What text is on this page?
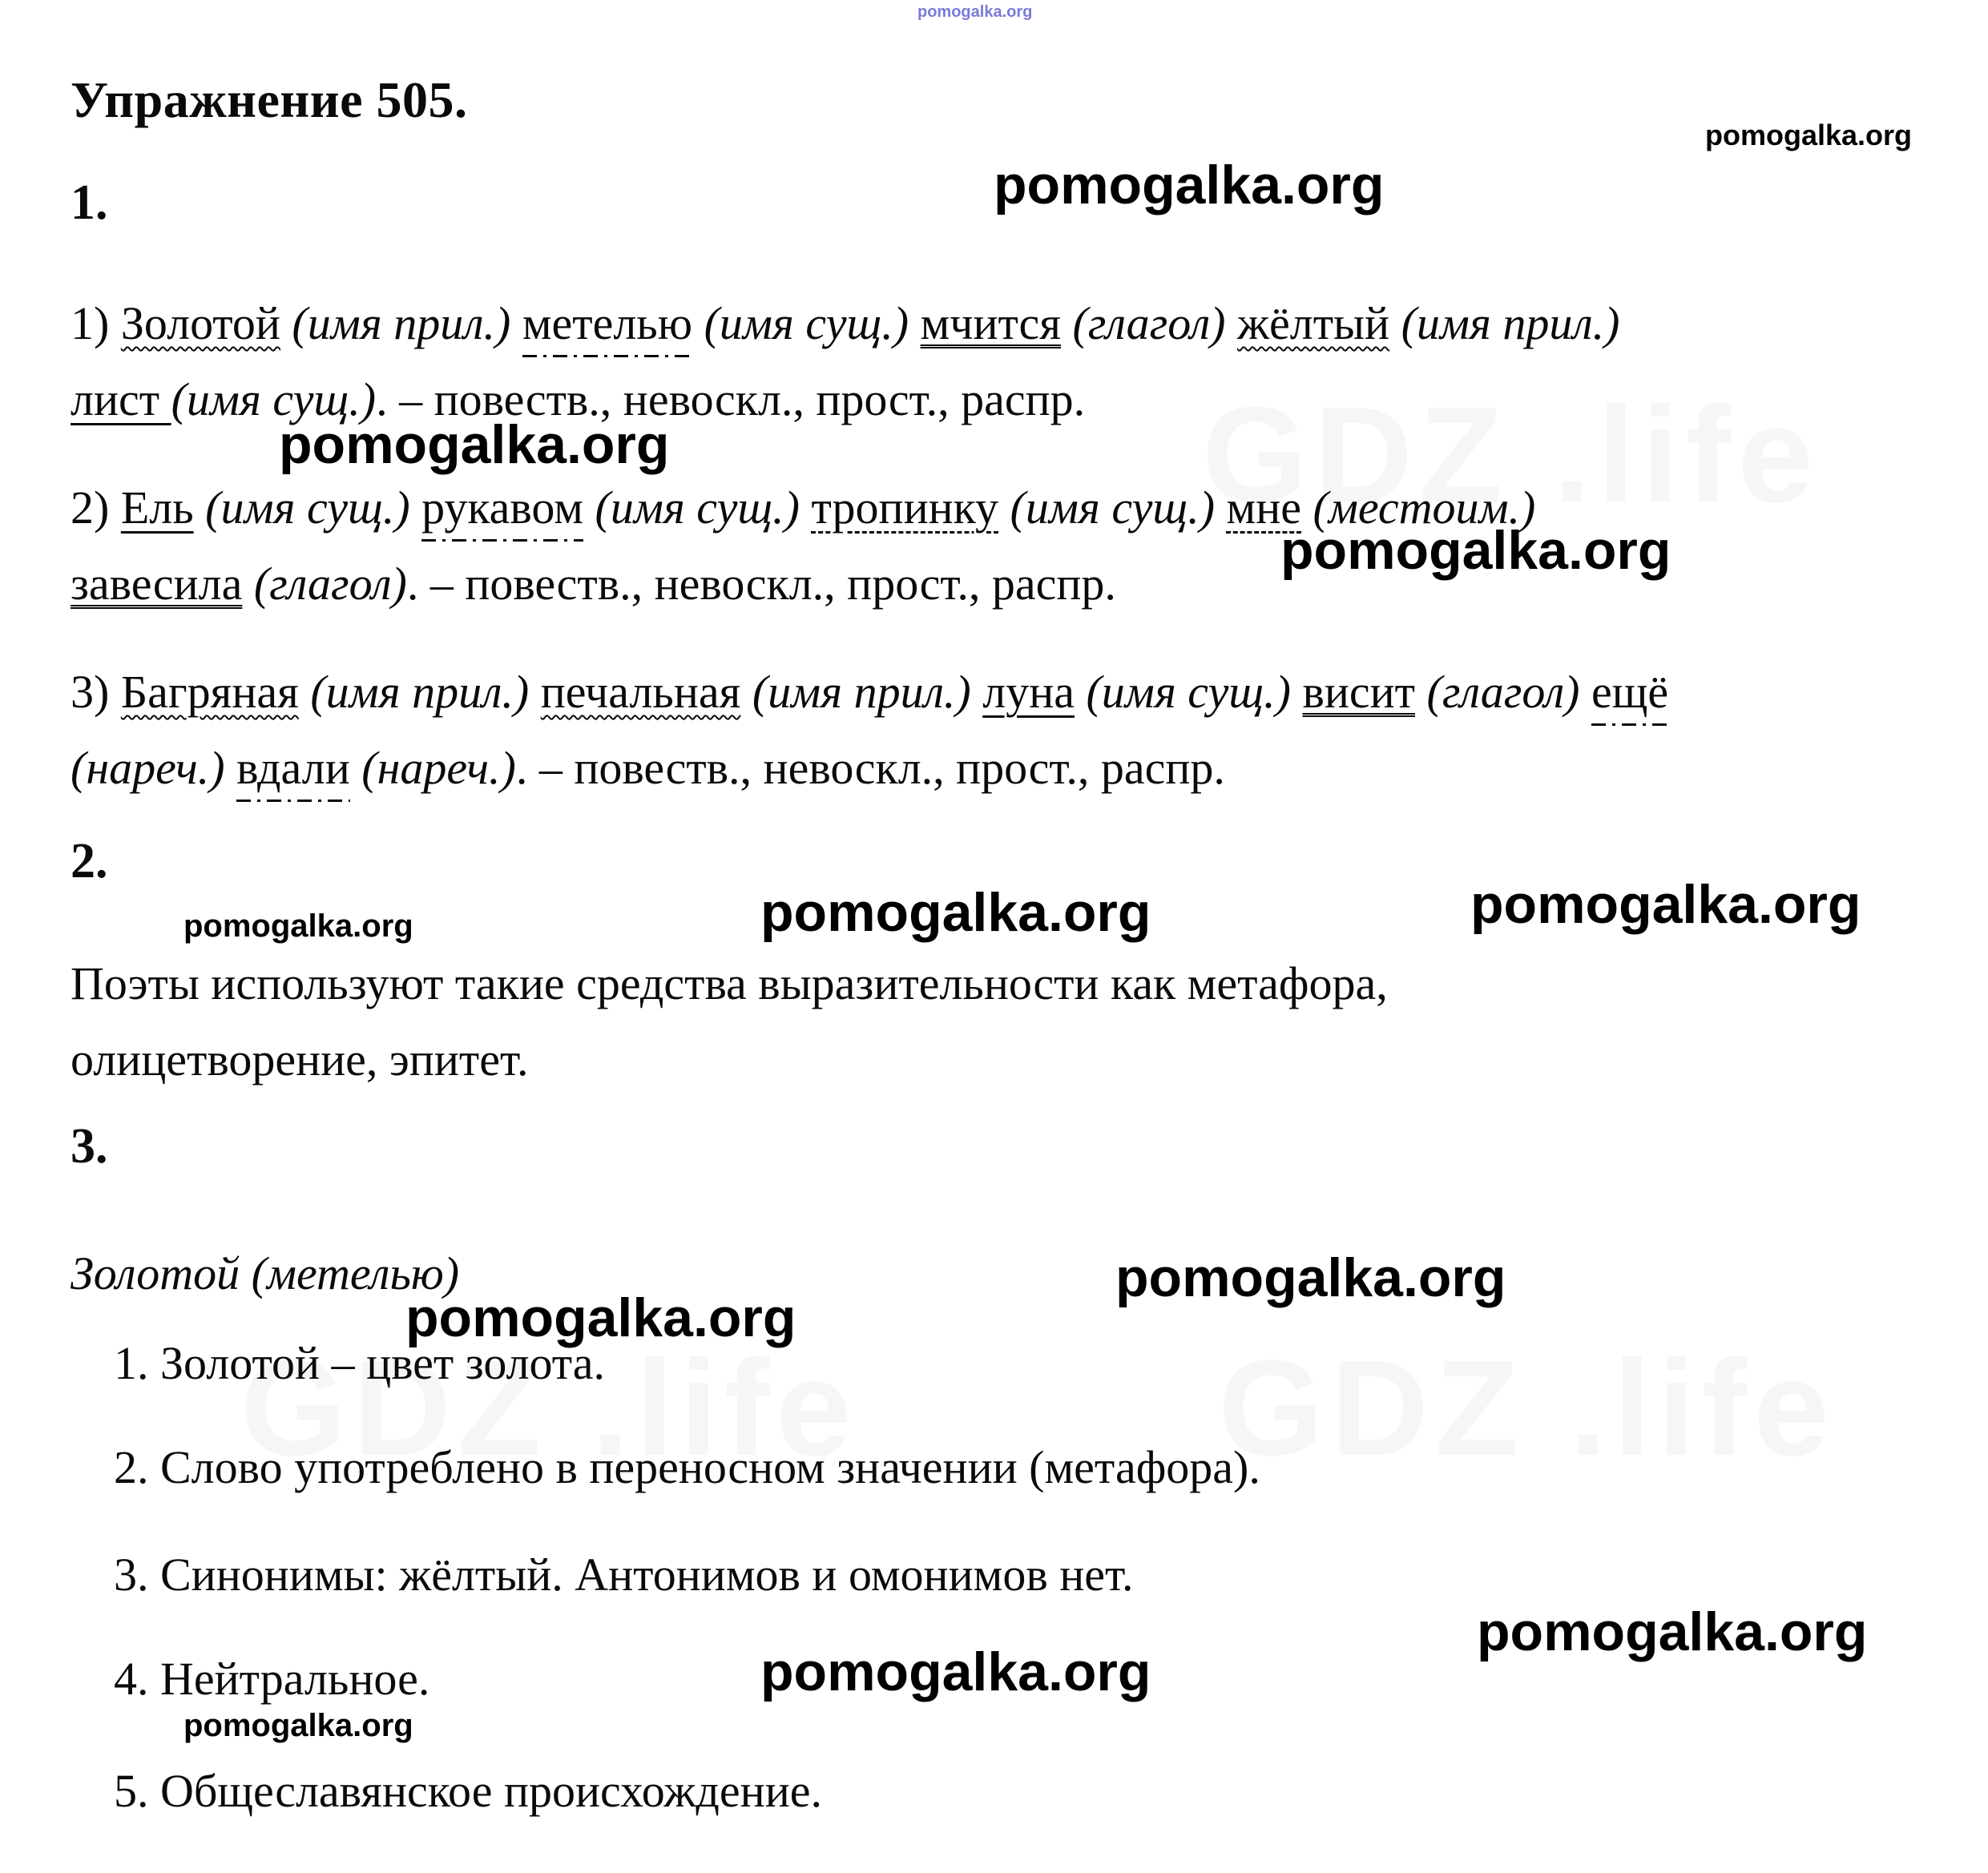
pomogalka.org
pomogalka.org
pomogalka.org
pomogalka.org
pomogalka.org
pomogalka.org	pomogalka.org	pomogalka.org
pomogalka.org
pomogalka.org
pomogalka.org
pomogalka.org
pomogalka.org
Упражнение 505.
1.

1) Золотой (имя прил.) метелью (имя сущ.) мчится (глагол) жёлтый (имя прил.)
лист (имя сущ.). – повеств., невоскл., прост., распр.

2) Ель (имя сущ.) рукавом (имя сущ.) тропинку (имя сущ.) мне (местоим.)
завесила (глагол). – повеств., невоскл., прост., распр.

3) Багряная (имя прил.) печальная (имя прил.) луна (имя сущ.) висит (глагол) ещё
(нареч.) вдали (нареч.). – повеств., невоскл., прост., распр.

2.

Поэты используют такие средства выразительности как метафора,
олицетворение, эпитет.

3.

Золотой (метелью)

1. Золотой – цвет золота.
2. Слово употреблено в переносном значении (метафора).
3. Синонимы: жёлтый. Антонимов и омонимов нет.
4. Нейтральное.
5. Общеславянское происхождение.
